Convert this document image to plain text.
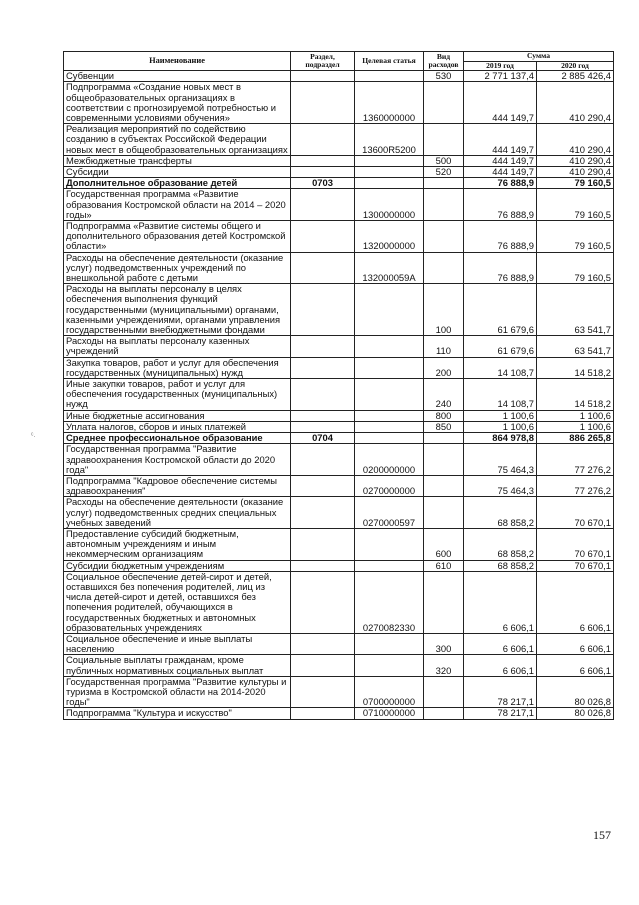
Наименование	Раздел, подраздел	Целевая статья	Вид расходов	Сумма	
				2019 год	2020 год
Субвенции			530	2 771 137,4	2 885 426,4
Подпрограмма «Создание новых мест в общеобразовательных организациях в соответствии с прогнозируемой потребностью и современными условиями обучения»		1360000000		444 149,7	410 290,4
Реализация мероприятий по содействию созданию в субъектах Российской Федерации новых мест в общеобразовательных организациях		13600R5200		444 149,7	410 290,4
Межбюджетные трансферты			500	444 149,7	410 290,4
Субсидии			520	444 149,7	410 290,4
Дополнительное образование детей	0703			76 888,9	79 160,5
Государственная программа «Развитие образования Костромской области на 2014 – 2020 годы»		1300000000		76 888,9	79 160,5
Подпрограмма «Развитие системы общего и дополнительного образования детей Костромской области»		1320000000		76 888,9	79 160,5
Расходы на обеспечение деятельности (оказание услуг) подведомственных учреждений по внешкольной работе с детьми		132000059А		76 888,9	79 160,5
Расходы на выплаты персоналу в целях обеспечения выполнения функций государственными (муниципальными) органами, казенными учреждениями, органами управления государственными внебюджетными фондами			100	61 679,6	63 541,7
Расходы на выплаты персоналу казенных учреждений			110	61 679,6	63 541,7
Закупка товаров, работ и услуг для обеспечения государственных (муниципальных) нужд			200	14 108,7	14 518,2
Иные закупки товаров, работ и услуг для обеспечения государственных (муниципальных) нужд			240	14 108,7	14 518,2
Иные бюджетные ассигнования			800	1 100,6	1 100,6
Уплата налогов, сборов и иных платежей			850	1 100,6	1 100,6
Среднее профессиональное образование	0704			864 978,8	886 265,8
Государственная программа "Развитие здравоохранения Костромской области до 2020 года"		0200000000		75 464,3	77 276,2
Подпрограмма "Кадровое обеспечение системы здравоохранения"		0270000000		75 464,3	77 276,2
Расходы на обеспечение деятельности (оказание услуг) подведомственных средних специальных учебных заведений		0270000597		68 858,2	70 670,1
Предоставление субсидий бюджетным, автономным учреждениям и иным некоммерческим организациям			600	68 858,2	70 670,1
Субсидии бюджетным учреждениям			610	68 858,2	70 670,1
Социальное обеспечение детей-сирот и детей, оставшихся без попечения родителей, лиц из числа детей-сирот и детей, оставшихся без попечения родителей, обучающихся в государственных бюджетных и автономных образовательных учреждениях		0270082330		6 606,1	6 606,1
Социальное обеспечение и иные выплаты населению			300	6 606,1	6 606,1
Социальные выплаты гражданам, кроме публичных нормативных социальных выплат			320	6 606,1	6 606,1
Государственная программа "Развитие культуры и туризма в Костромской области на 2014-2020 годы"		0700000000		78 217,1	80 026,8
Подпрограмма "Культура и искусство"		0710000000		78 217,1	80 026,8
ᶜ.
157
